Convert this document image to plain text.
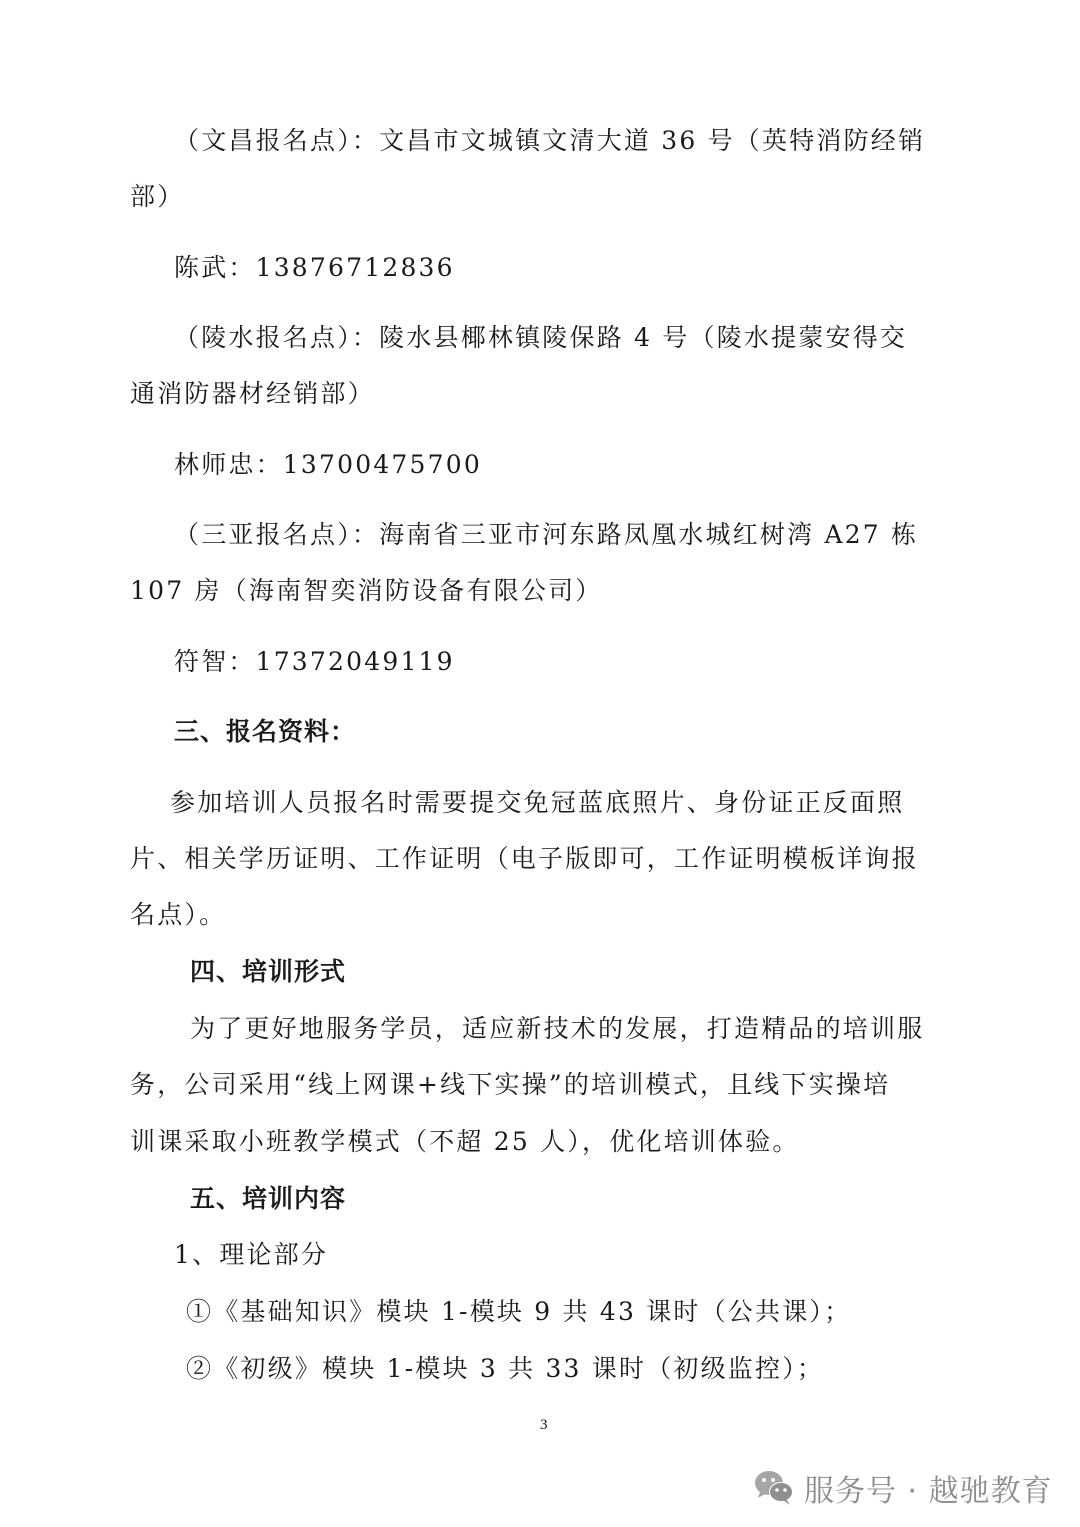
（文昌报名点）：文昌市文城镇文清大道 36 号（英特消防经销
部）
陈武：13876712836
（陵水报名点）：陵水县椰林镇陵保路 4 号（陵水提蒙安得交
通消防器材经销部）
林师忠：13700475700
（三亚报名点）：海南省三亚市河东路凤凰水城红树湾 A27 栋
107 房（海南智奕消防设备有限公司）
符智：17372049119
三、报名资料：
参加培训人员报名时需要提交免冠蓝底照片、身份证正反面照
片、相关学历证明、工作证明（电子版即可，工作证明模板详询报
名点）。
四、培训形式
为了更好地服务学员，适应新技术的发展，打造精品的培训服
务，公司采用“线上网课+线下实操”的培训模式，且线下实操培
训课采取小班教学模式（不超 25 人），优化培训体验。
五、培训内容
1、理论部分
①《基础知识》模块 1-模块 9 共 43 课时（公共课）；
②《初级》模块 1-模块 3 共 33 课时（初级监控）；
3
服务号 · 越驰教育
